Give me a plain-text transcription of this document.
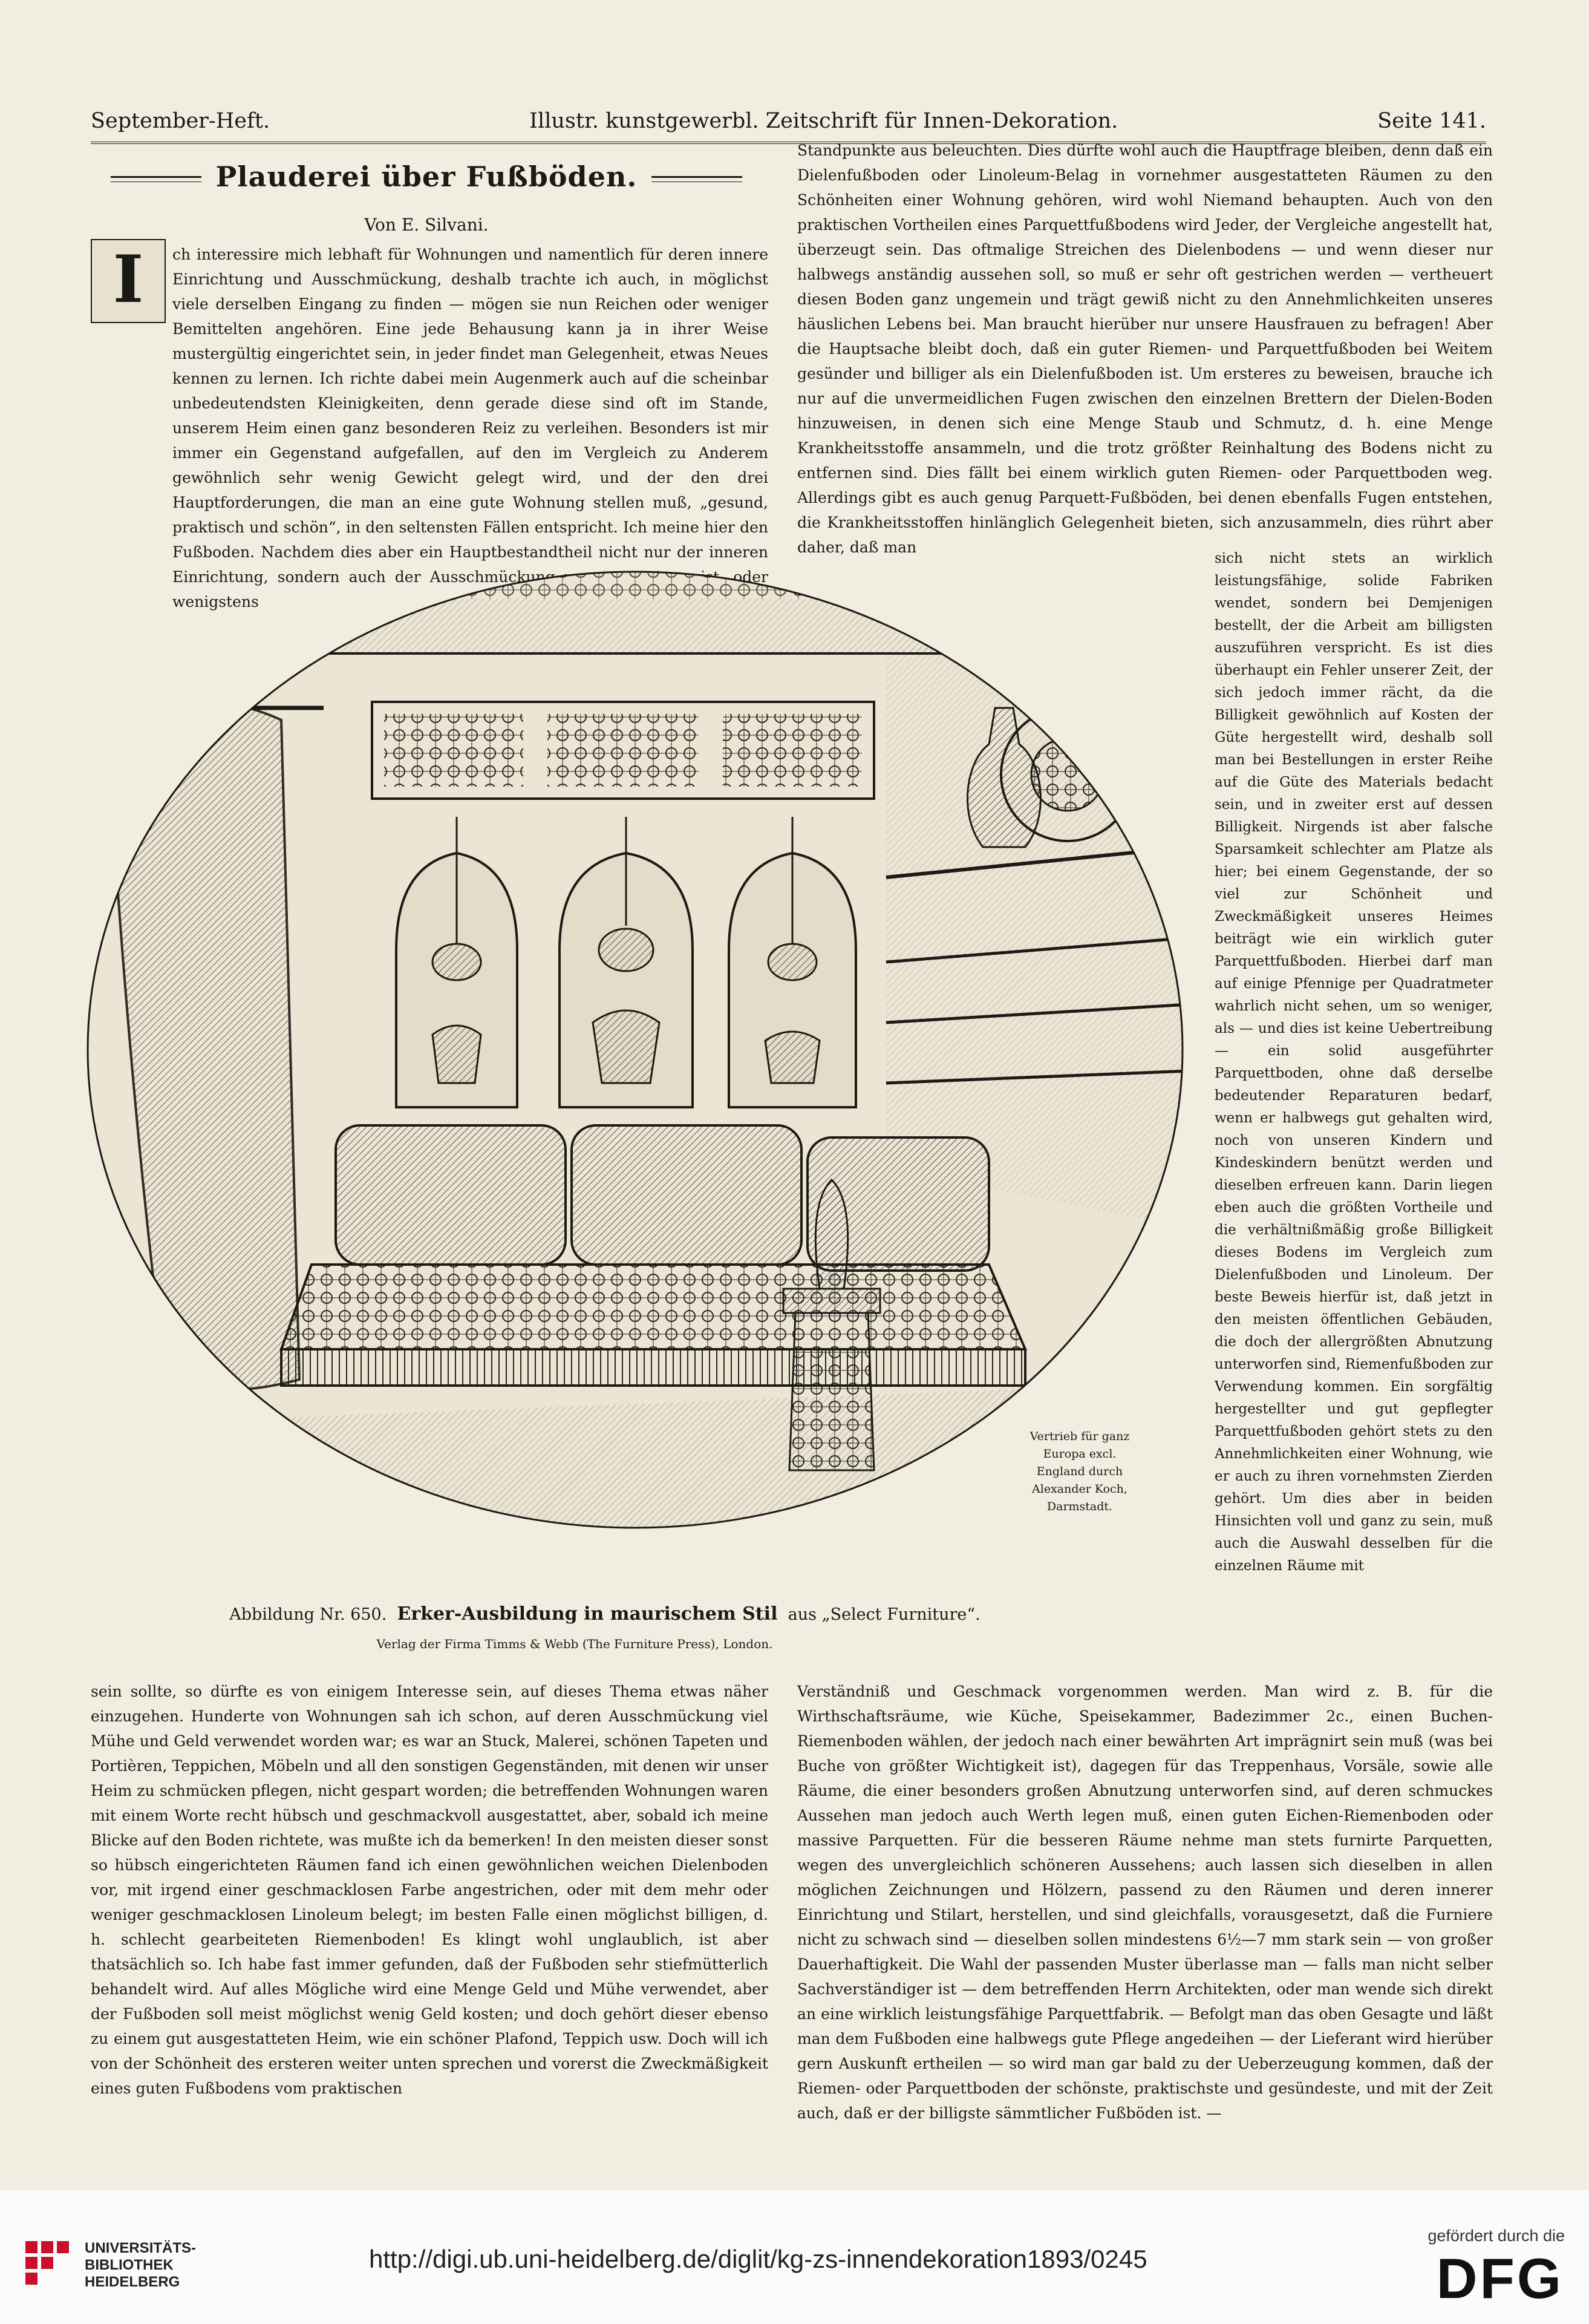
September-Heft.	Illustr. kunstgewerbl. Zeitschrift für Innen-Dekoration.	Seite 141.
Plauderei über Fußböden.
Von E. Silvani.
I	ch interessire mich lebhaft für Wohnungen und namentlich für deren innere Einrichtung und Ausschmückung, deshalb trachte ich auch, in möglichst viele derselben Eingang zu finden — mögen sie nun Reichen oder weniger Bemittelten angehören. Eine jede Behausung kann ja in ihrer Weise mustergültig eingerichtet sein, in jeder findet man Gelegenheit, etwas Neues kennen zu lernen. Ich richte dabei mein Augenmerk auch auf die scheinbar unbedeutendsten Kleinigkeiten, denn gerade diese sind oft im Stande, unserem Heim einen ganz besonderen Reiz zu verleihen. Besonders ist mir immer ein Gegenstand aufgefallen, auf den im Vergleich zu Anderem gewöhnlich sehr wenig Gewicht gelegt wird, und der den drei Hauptforderungen, die man an eine gute Wohnung stellen muß, „gesund, praktisch und schön“, in den seltensten Fällen entspricht. Ich meine hier den Fußboden. Nachdem dies aber ein Hauptbestandtheil nicht nur der inneren Einrichtung, sondern auch der Ausschmückung unseres Heimes ist, oder wenigstens

Standpunkte aus beleuchten. Dies dürfte wohl auch die Hauptfrage bleiben, denn daß ein Dielenfußboden oder Linoleum-Belag in vornehmer ausgestatteten Räumen zu den Schönheiten einer Wohnung gehören, wird wohl Niemand behaupten. Auch von den praktischen Vortheilen eines Parquettfußbodens wird Jeder, der Vergleiche angestellt hat, überzeugt sein. Das oftmalige Streichen des Dielenbodens — und wenn dieser nur halbwegs anständig aussehen soll, so muß er sehr oft gestrichen werden — vertheuert diesen Boden ganz ungemein und trägt gewiß nicht zu den Annehmlichkeiten unseres häuslichen Lebens bei. Man braucht hierüber nur unsere Hausfrauen zu befragen! Aber die Hauptsache bleibt doch, daß ein guter Riemen- und Parquettfußboden bei Weitem gesünder und billiger als ein Dielenfußboden ist. Um ersteres zu beweisen, brauche ich nur auf die unvermeidlichen Fugen zwischen den einzelnen Brettern der Dielen-Boden hinzuweisen, in denen sich eine Menge Staub und Schmutz, d. h. eine Menge Krankheitsstoffe ansammeln, und die trotz größter Reinhaltung des Bodens nicht zu entfernen sind. Dies fällt bei einem wirklich guten Riemen- oder Parquettboden weg. Allerdings gibt es auch genug Parquett-Fußböden, bei denen ebenfalls Fugen entstehen, die Krankheitsstoffen hinlänglich Gelegenheit bieten, sich anzusammeln, dies rührt aber daher, daß man

sich nicht stets an wirklich leistungsfähige, solide Fabriken wendet, sondern bei Demjenigen bestellt, der die Arbeit am billigsten auszuführen verspricht. Es ist dies überhaupt ein Fehler unserer Zeit, der sich jedoch immer rächt, da die Billigkeit gewöhnlich auf Kosten der Güte hergestellt wird, deshalb soll man bei Bestellungen in erster Reihe auf die Güte des Materials bedacht sein, und in zweiter erst auf dessen Billigkeit. Nirgends ist aber falsche Sparsamkeit schlechter am Platze als hier; bei einem Gegenstande, der so viel zur Schönheit und Zweckmäßigkeit unseres Heimes beiträgt wie ein wirklich guter Parquettfußboden. Hierbei darf man auf einige Pfennige per Quadratmeter wahrlich nicht sehen, um so weniger, als — und dies ist keine Uebertreibung — ein solid ausgeführter Parquettboden, ohne daß derselbe bedeutender Reparaturen bedarf, wenn er halbwegs gut gehalten wird, noch von unseren Kindern und Kindeskindern benützt werden und dieselben erfreuen kann. Darin liegen eben auch die größten Vortheile und die verhältnißmäßig große Billigkeit dieses Bodens im Vergleich zum Dielenfußboden und Linoleum. Der beste Beweis hierfür ist, daß jetzt in den meisten öffentlichen Gebäuden, die doch der allergrößten Abnutzung unterworfen sind, Riemenfußboden zur Verwendung kommen. Ein sorgfältig hergestellter und gut gepflegter Parquettfußboden gehört stets zu den Annehmlichkeiten einer Wohnung, wie er auch zu ihren vornehmsten Zierden gehört. Um dies aber in beiden Hinsichten voll und ganz zu sein, muß auch die Auswahl desselben für die einzelnen Räume mit

Vertrieb für ganz Europa excl. England durch Alexander Koch, Darmstadt.
Abbildung Nr. 650. Erker-Ausbildung in maurischem Stil aus „Select Furniture“.
Verlag der Firma Timms & Webb (The Furniture Press), London.

sein sollte, so dürfte es von einigem Interesse sein, auf dieses Thema etwas näher einzugehen. Hunderte von Wohnungen sah ich schon, auf deren Ausschmückung viel Mühe und Geld verwendet worden war; es war an Stuck, Malerei, schönen Tapeten und Portièren, Teppichen, Möbeln und all den sonstigen Gegenständen, mit denen wir unser Heim zu schmücken pflegen, nicht gespart worden; die betreffenden Wohnungen waren mit einem Worte recht hübsch und geschmackvoll ausgestattet, aber, sobald ich meine Blicke auf den Boden richtete, was mußte ich da bemerken! In den meisten dieser sonst so hübsch eingerichteten Räumen fand ich einen gewöhnlichen weichen Dielenboden vor, mit irgend einer geschmacklosen Farbe angestrichen, oder mit dem mehr oder weniger geschmacklosen Linoleum belegt; im besten Falle einen möglichst billigen, d. h. schlecht gearbeiteten Riemenboden! Es klingt wohl unglaublich, ist aber thatsächlich so. Ich habe fast immer gefunden, daß der Fußboden sehr stiefmütterlich behandelt wird. Auf alles Mögliche wird eine Menge Geld und Mühe verwendet, aber der Fußboden soll meist möglichst wenig Geld kosten; und doch gehört dieser ebenso zu einem gut ausgestatteten Heim, wie ein schöner Plafond, Teppich usw. Doch will ich von der Schönheit des ersteren weiter unten sprechen und vorerst die Zweckmäßigkeit eines guten Fußbodens vom praktischen

Verständniß und Geschmack vorgenommen werden. Man wird z. B. für die Wirthschaftsräume, wie Küche, Speisekammer, Badezimmer 2c., einen Buchen-Riemenboden wählen, der jedoch nach einer bewährten Art imprägnirt sein muß (was bei Buche von größter Wichtigkeit ist), dagegen für das Treppenhaus, Vorsäle, sowie alle Räume, die einer besonders großen Abnutzung unterworfen sind, auf deren schmuckes Aussehen man jedoch auch Werth legen muß, einen guten Eichen-Riemenboden oder massive Parquetten. Für die besseren Räume nehme man stets furnirte Parquetten, wegen des unvergleichlich schöneren Aussehens; auch lassen sich dieselben in allen möglichen Zeichnungen und Hölzern, passend zu den Räumen und deren innerer Einrichtung und Stilart, herstellen, und sind gleichfalls, vorausgesetzt, daß die Furniere nicht zu schwach sind — dieselben sollen mindestens 6½—7 mm stark sein — von großer Dauerhaftigkeit. Die Wahl der passenden Muster überlasse man — falls man nicht selber Sachverständiger ist — dem betreffenden Herrn Architekten, oder man wende sich direkt an eine wirklich leistungsfähige Parquettfabrik. — Befolgt man das oben Gesagte und läßt man dem Fußboden eine halbwegs gute Pflege angedeihen — der Lieferant wird hierüber gern Auskunft ertheilen — so wird man gar bald zu der Ueberzeugung kommen, daß der Riemen- oder Parquettboden der schönste, praktischste und gesündeste, und mit der Zeit auch, daß er der billigste sämmtlicher Fußböden ist. —

UNIVERSITÄTS-
BIBLIOTHEK
HEIDELBERG
http://digi.ub.uni-heidelberg.de/diglit/kg-zs-innendekoration1893/0245
gefördert durch die
DFG
